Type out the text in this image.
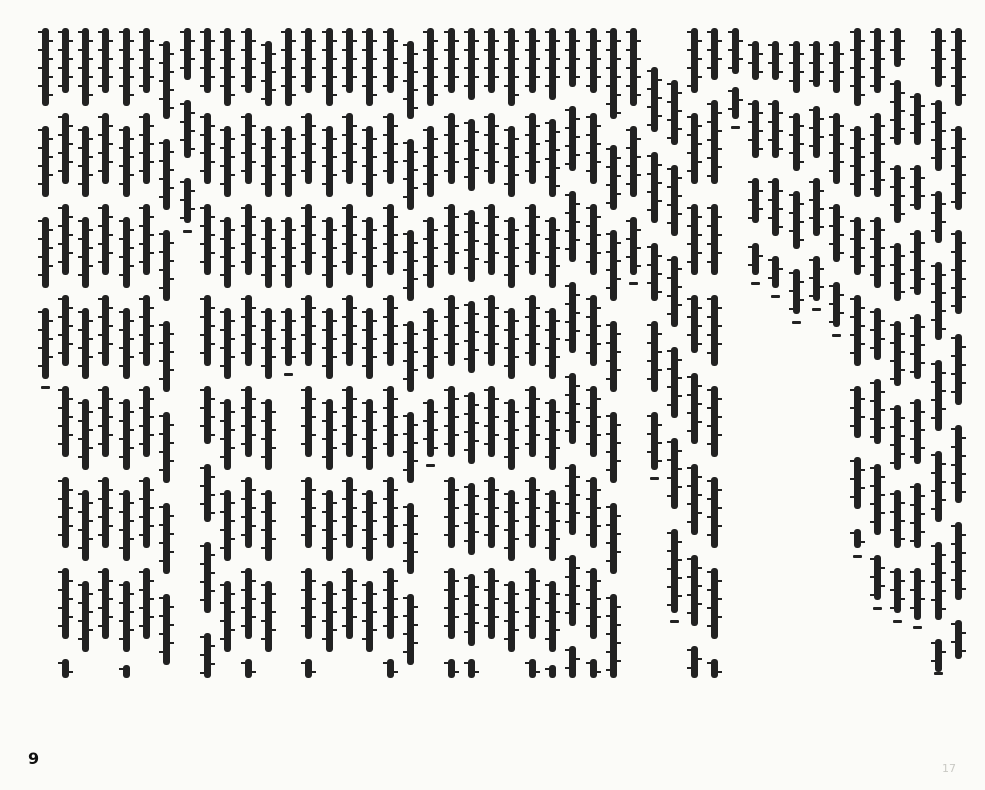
17
9
